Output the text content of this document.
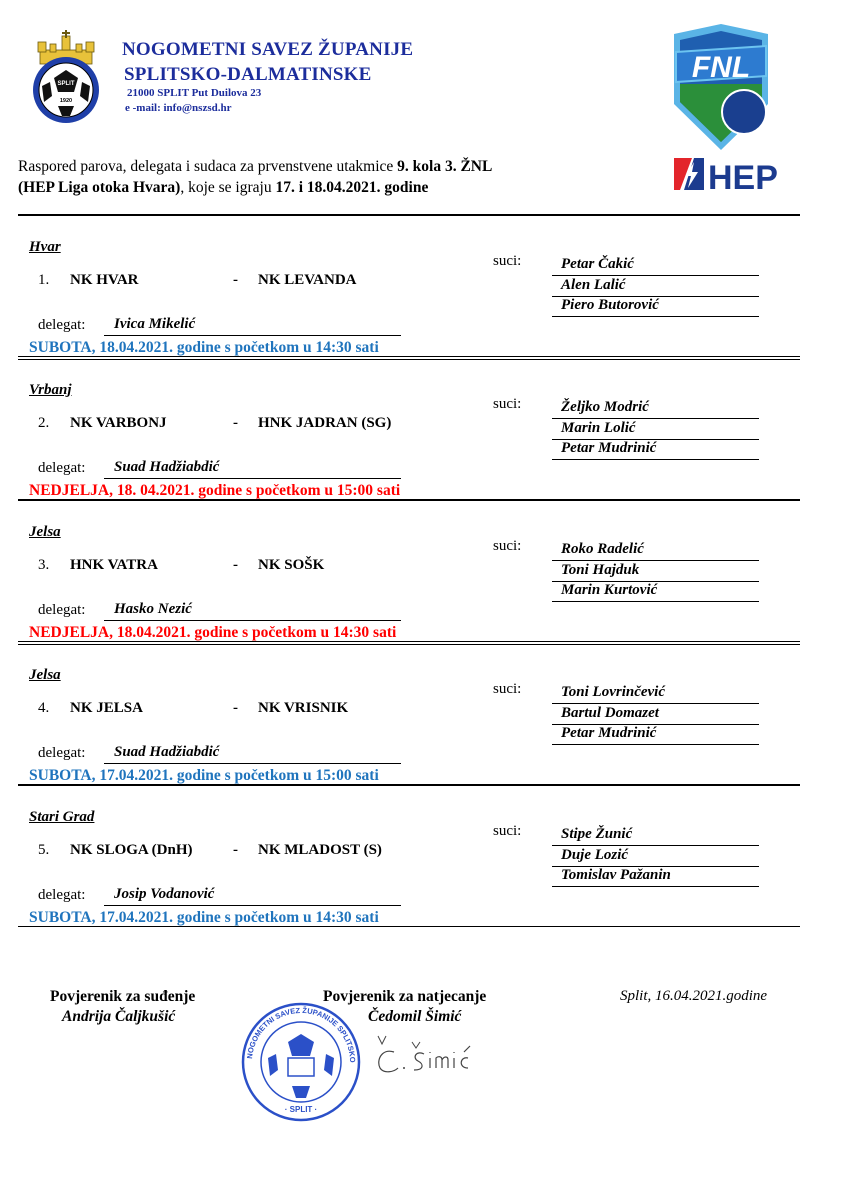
SPLIT
1920
NOGOMETNI SAVEZ ŽUPANIJE
SPLITSKO-DALMATINSKE
21000 SPLIT Put Duilova 23
e -mail: info@nszsd.hr
FNL
HEP
Raspored parova, delegata i sudaca za prvenstvene utakmice 9. kola 3. ŽNL
(HEP Liga otoka Hvara), koje se igraju 17. i 18.04.2021. godine
Hvar
1. NK HVAR	- NK LEVANDA
suci:	Petar Čakić
Alen Lalić
Piero Butorović
delegat: Ivica Mikelić
SUBOTA, 18.04.2021. godine s početkom u 14:30 sati
Vrbanj
2. NK VARBONJ	- HNK JADRAN (SG)
suci:	Željko Modrić
Marin Lolić
Petar Mudrinić
delegat: Suad Hadžiabdić
NEDJELJA, 18. 04.2021. godine s početkom u 15:00 sati
Jelsa
3. HNK VATRA	- NK SOŠK
suci:	Roko Radelić
Toni Hajduk
Marin Kurtović
delegat: Hasko Nezić
NEDJELJA, 18.04.2021. godine s početkom u 14:30 sati
Jelsa
4. NK JELSA	- NK VRISNIK
suci:	Toni Lovrinčević
Bartul Domazet
Petar Mudrinić
delegat: Suad Hadžiabdić
SUBOTA, 17.04.2021. godine s početkom u 15:00 sati
Stari Grad
5. NK SLOGA (DnH)	- NK MLADOST (S)
suci:	Stipe Žunić
Duje Lozić
Tomislav Pažanin
delegat: Josip Vodanović
SUBOTA, 17.04.2021. godine s početkom u 14:30 sati
Povjerenik za suđenje
Andrija Čaljkušić
Povjerenik za natjecanje
Čedomil Šimić
Split, 16.04.2021.godine
NOGOMETNI SAVEZ ŽUPANIJE SPLITSKO
· SPLIT ·
Č. Šimić
